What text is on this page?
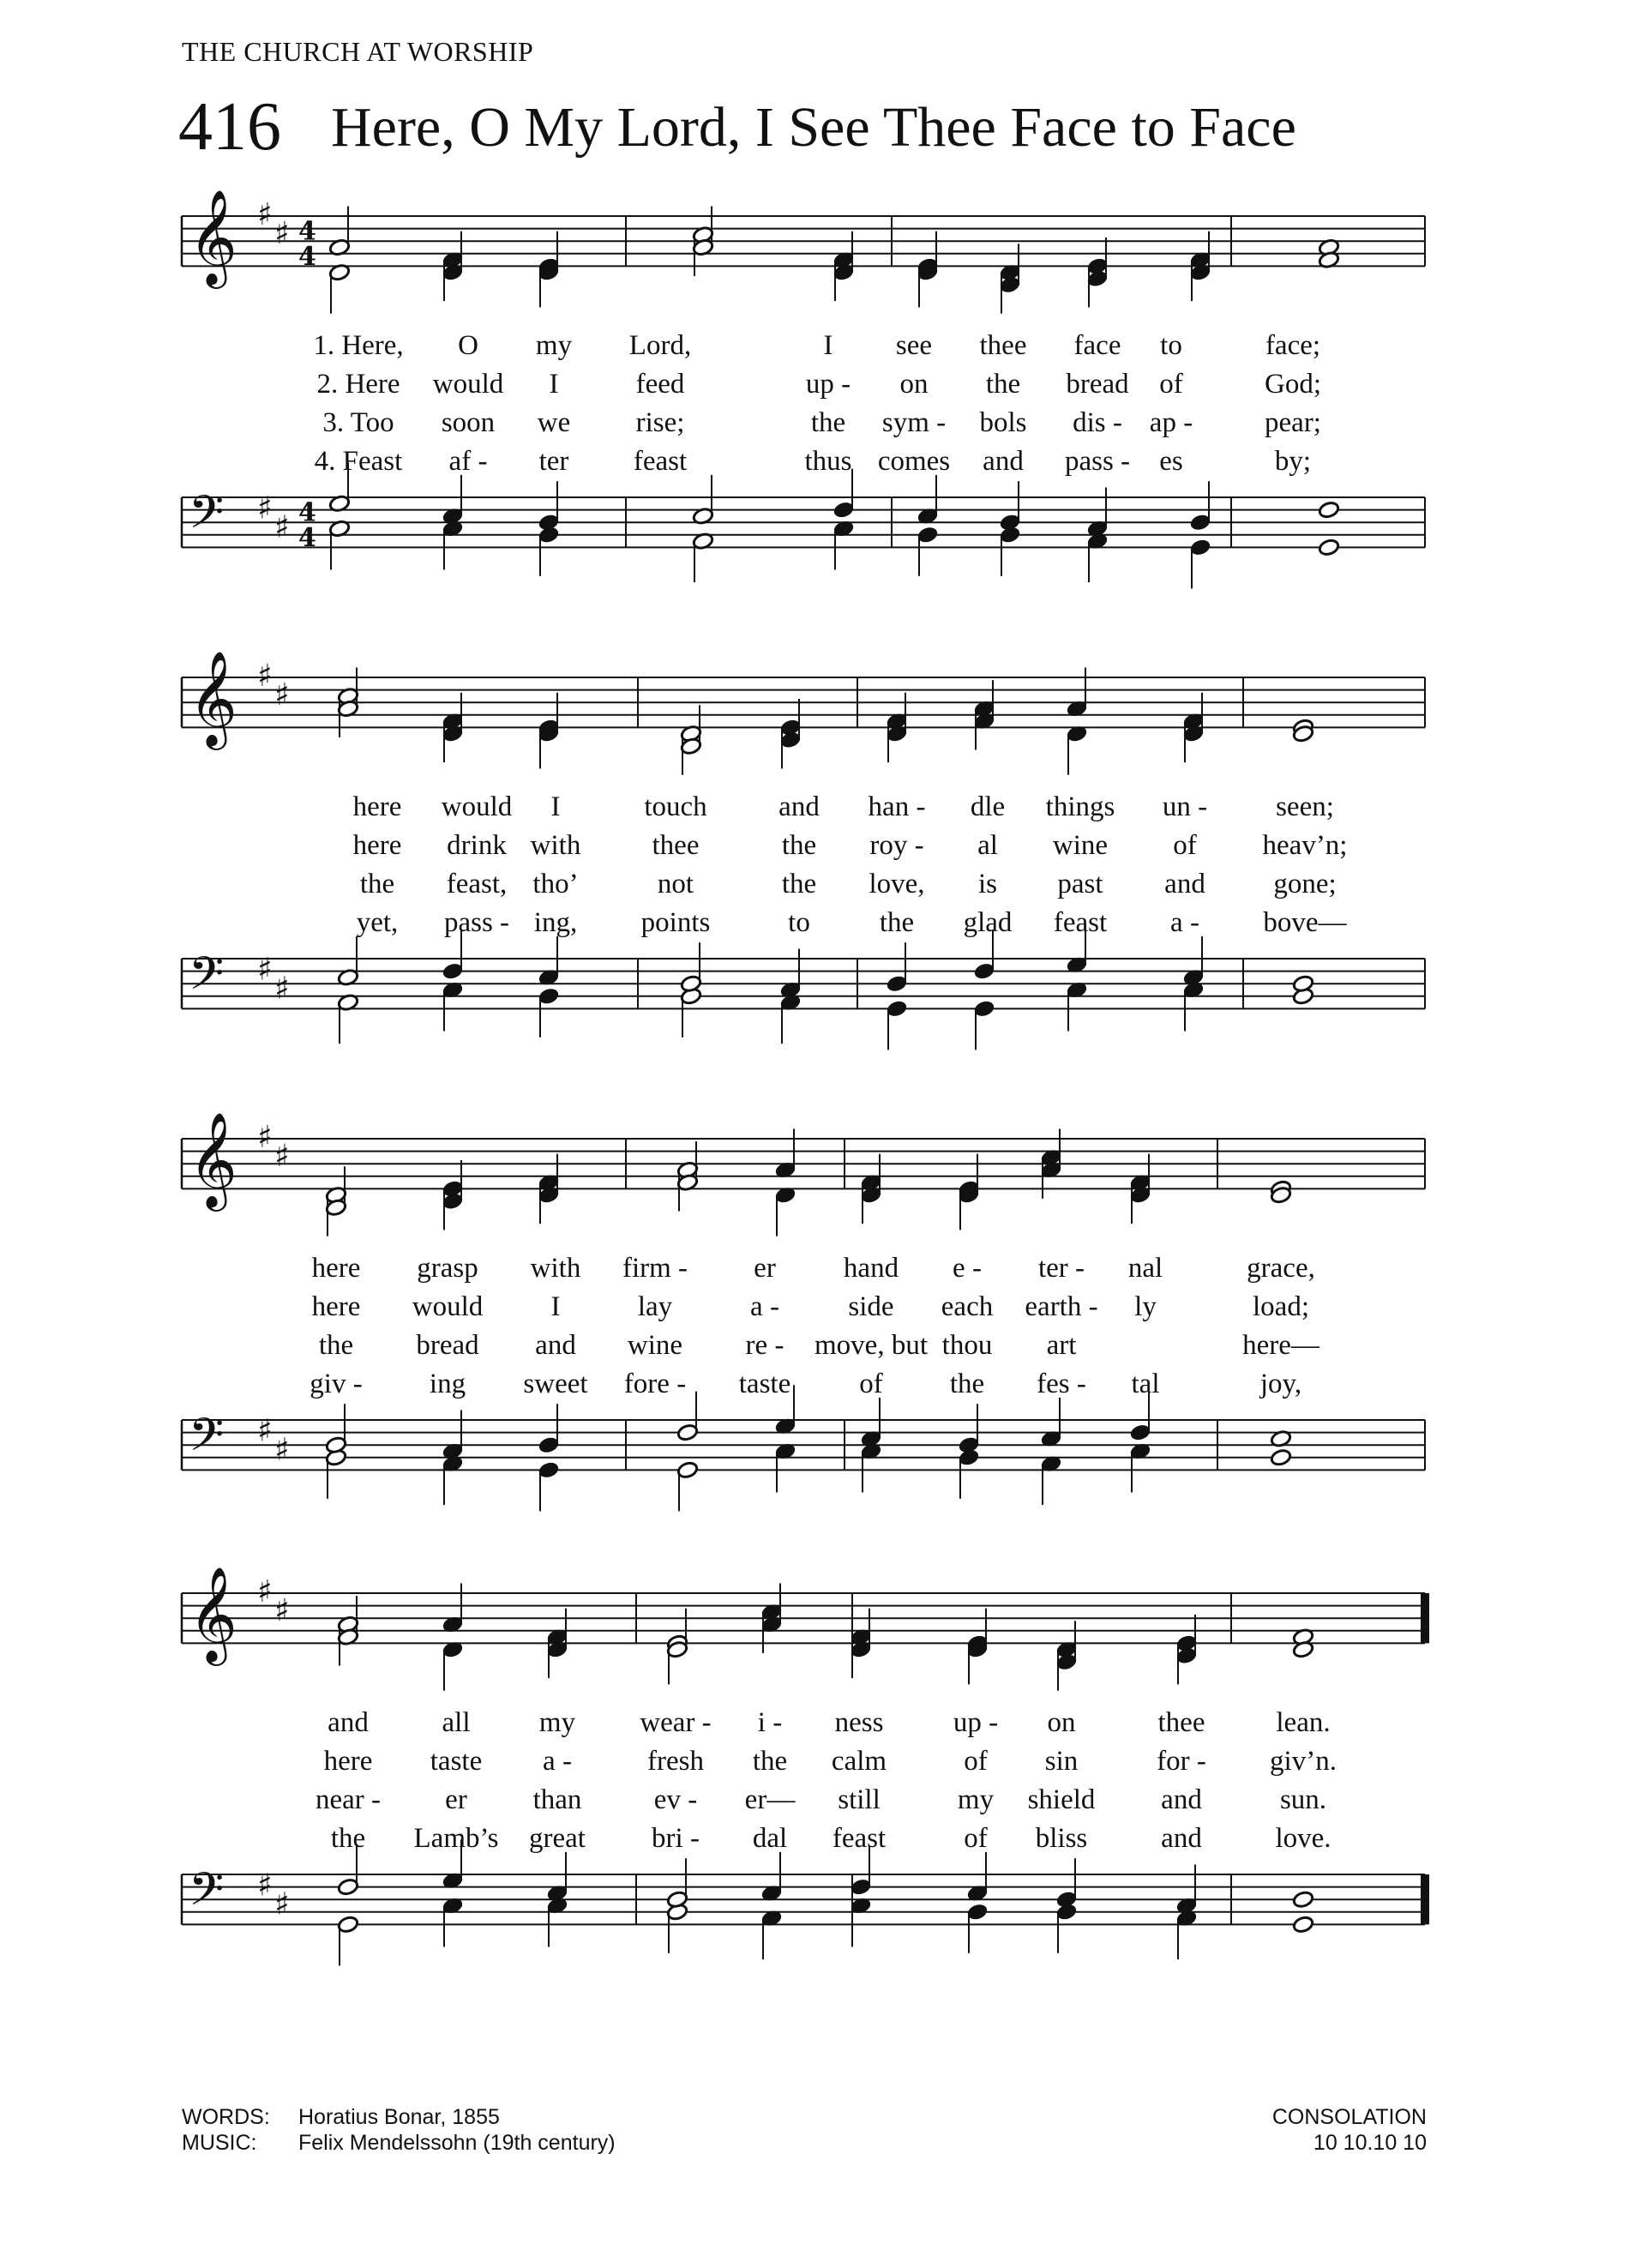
THE CHURCH AT WORSHIP
416 Here, O My Lord, I See Thee Face to Face
𝄞 ♯
♯ 4
4
𝄢 ♯
♯ 4
4
𝄞 ♯
♯
𝄢 ♯
♯
𝄞 ♯
♯
𝄢 ♯
♯
𝄞 ♯
♯
𝄢 ♯
♯
1. Here, O my Lord,	I see thee face to	face;
2. Here would I	feed	up - on the bread of	God;
3. Too soon we rise;	the sym - bols dis - ap -	pear;
4. Feast af - ter feast	thus comes and pass - es	by;
here would I	touch	and han - dle things un - seen;
here drink with	thee	the roy - al wine of heav’n;
the feast, tho’	not	the love, is past and gone;
yet, pass - ing, points	to the glad feast a - bove—
here grasp with firm - er hand e - ter - nal	grace,
here would I	lay	a - side each earth - ly	load;
the bread and wine re - move, but thou art	here—
giv - ing sweet fore - taste of the fes - tal	joy,
and	all my wear - i - ness up - on	thee	lean.
here taste a -	fresh the calm	of sin	for - giv’n.
near - er than	ev - er— still	my shield and	sun.
the Lamb’s great bri - dal feast	of bliss	and	love.
WORDS: Horatius Bonar, 1855
MUSIC: Felix Mendelssohn (19th century)
CONSOLATION
10 10.10 10
